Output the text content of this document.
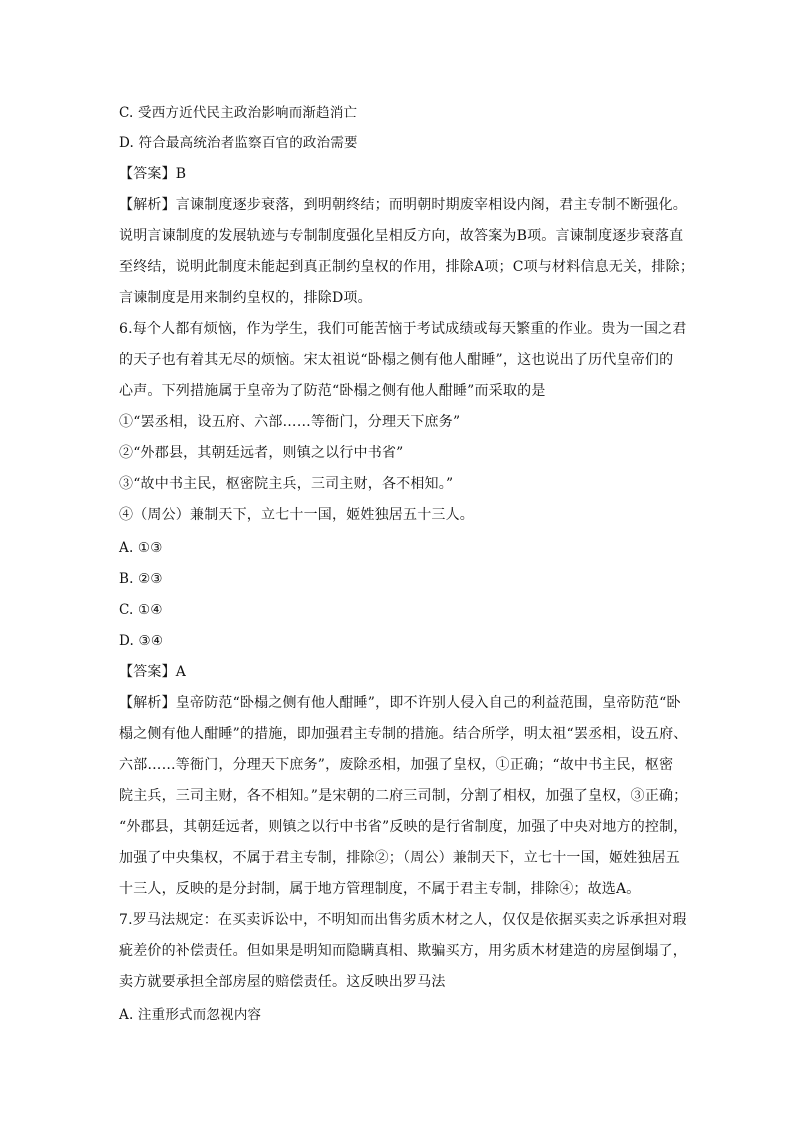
C. 受西方近代民主政治影响而渐趋消亡
D. 符合最高统治者监察百官的政治需要
【答案】B
【解析】言谏制度逐步衰落，到明朝终结；而明朝时期废宰相设内阁，君主专制不断强化。
说明言谏制度的发展轨迹与专制制度强化呈相反方向，故答案为B项。言谏制度逐步衰落直
至终结，说明此制度未能起到真正制约皇权的作用，排除A项；C项与材料信息无关，排除；
言谏制度是用来制约皇权的，排除D项。
6.每个人都有烦恼，作为学生，我们可能苦恼于考试成绩或每天繁重的作业。贵为一国之君
的天子也有着其无尽的烦恼。宋太祖说“卧榻之侧有他人酣睡”，这也说出了历代皇帝们的
心声。下列措施属于皇帝为了防范“卧榻之侧有他人酣睡”而采取的是
①“罢丞相，设五府、六部……等衙门，分理天下庶务”
②“外郡县，其朝廷远者，则镇之以行中书省”
③“故中书主民，枢密院主兵，三司主财，各不相知。”
④（周公）兼制天下，立七十一国，姬姓独居五十三人。
A. ①③
B. ②③
C. ①④
D. ③④
【答案】A
【解析】皇帝防范“卧榻之侧有他人酣睡”，即不许别人侵入自己的利益范围，皇帝防范“卧
榻之侧有他人酣睡”的措施，即加强君主专制的措施。结合所学，明太祖“罢丞相，设五府、
六部……等衙门，分理天下庶务”，废除丞相，加强了皇权，①正确；“故中书主民，枢密
院主兵，三司主财，各不相知。”是宋朝的二府三司制，分割了相权，加强了皇权，③正确；
“外郡县，其朝廷远者，则镇之以行中书省”反映的是行省制度，加强了中央对地方的控制，
加强了中央集权，不属于君主专制，排除②；（周公）兼制天下，立七十一国，姬姓独居五
十三人，反映的是分封制，属于地方管理制度，不属于君主专制，排除④；故选A。
7.罗马法规定：在买卖诉讼中，不明知而出售劣质木材之人，仅仅是依据买卖之诉承担对瑕
疵差价的补偿责任。但如果是明知而隐瞒真相、欺骗买方，用劣质木材建造的房屋倒塌了，
卖方就要承担全部房屋的赔偿责任。这反映出罗马法
A. 注重形式而忽视内容
